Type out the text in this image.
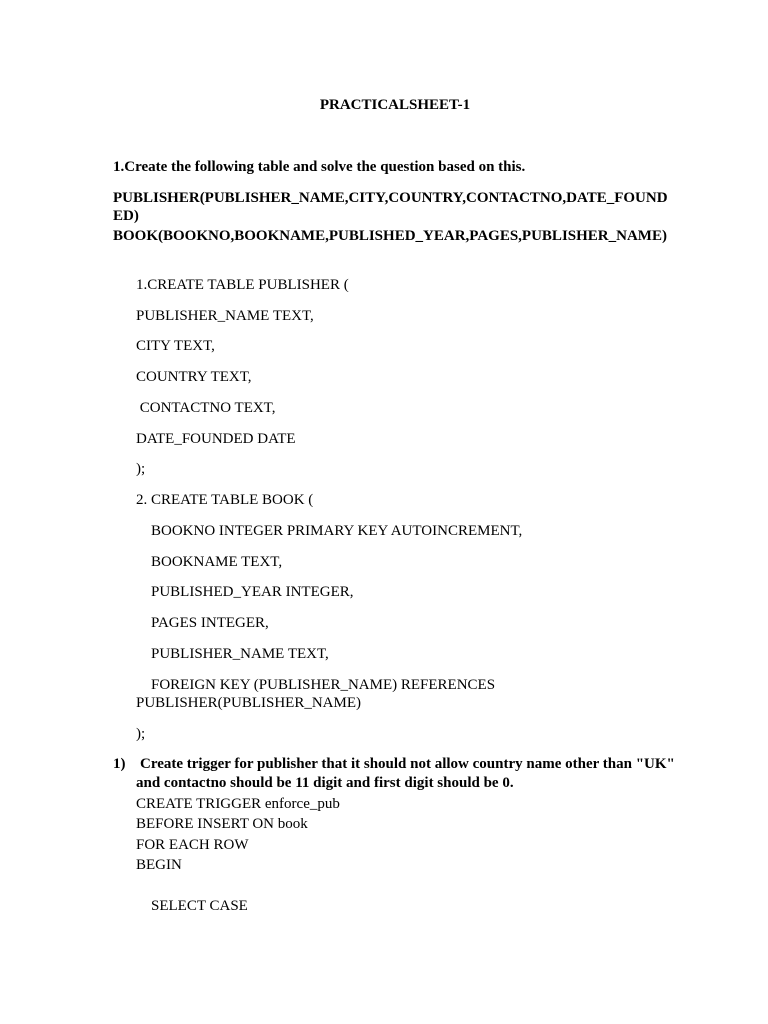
PRACTICALSHEET-1
1.Create the following table and solve the question based on this.
PUBLISHER(PUBLISHER_NAME,CITY,COUNTRY,CONTACTNO,DATE_FOUND
ED)
BOOK(BOOKNO,BOOKNAME,PUBLISHED_YEAR,PAGES,PUBLISHER_NAME)
1.CREATE TABLE PUBLISHER (
PUBLISHER_NAME TEXT,
CITY TEXT,
COUNTRY TEXT,
CONTACTNO TEXT,
DATE_FOUNDED DATE
);
2. CREATE TABLE BOOK (
BOOKNO INTEGER PRIMARY KEY AUTOINCREMENT,
BOOKNAME TEXT,
PUBLISHED_YEAR INTEGER,
PAGES INTEGER,
PUBLISHER_NAME TEXT,
FOREIGN KEY (PUBLISHER_NAME) REFERENCES
PUBLISHER(PUBLISHER_NAME)
);
1) Create trigger for publisher that it should not allow country name other than "UK"
and contactno should be 11 digit and first digit should be 0.
CREATE TRIGGER enforce_pub
BEFORE INSERT ON book
FOR EACH ROW
BEGIN
SELECT CASE
